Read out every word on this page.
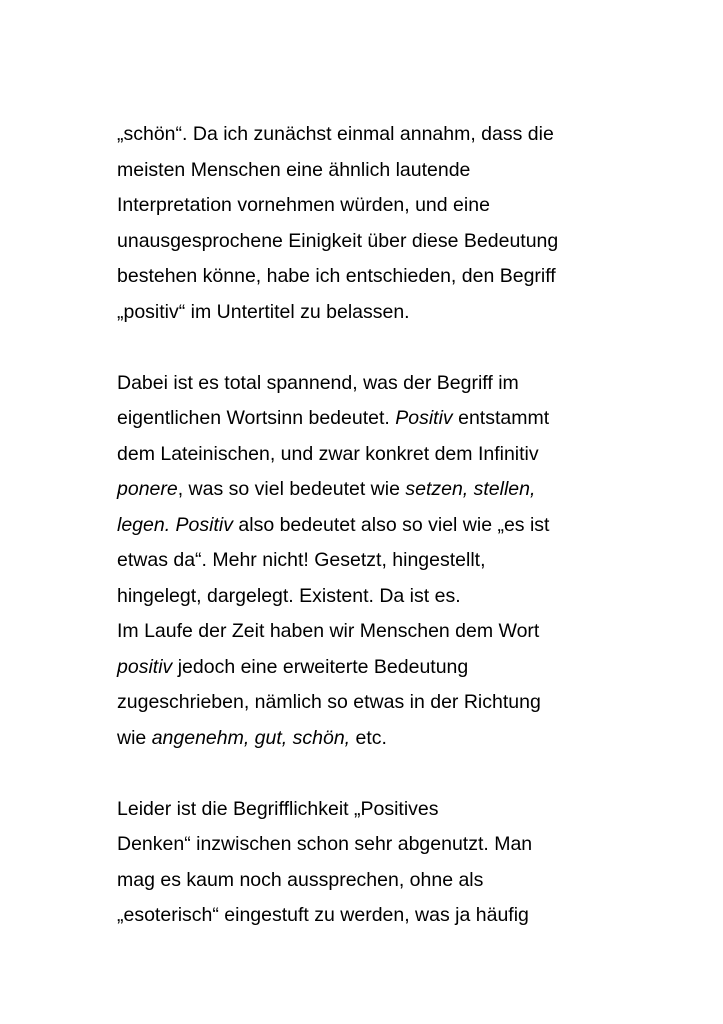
„schön“. Da ich zunächst einmal annahm, dass die
meisten Menschen eine ähnlich lautende
Interpretation vornehmen würden, und eine
unausgesprochene Einigkeit über diese Bedeutung
bestehen könne, habe ich entschieden, den Begriff
„positiv“ im Untertitel zu belassen.
Dabei ist es total spannend, was der Begriff im
eigentlichen Wortsinn bedeutet. Positiv entstammt
dem Lateinischen, und zwar konkret dem Infinitiv
ponere, was so viel bedeutet wie setzen, stellen,
legen. Positiv also bedeutet also so viel wie „es ist
etwas da“. Mehr nicht! Gesetzt, hingestellt,
hingelegt, dargelegt. Existent. Da ist es.
Im Laufe der Zeit haben wir Menschen dem Wort
positiv jedoch eine erweiterte Bedeutung
zugeschrieben, nämlich so etwas in der Richtung
wie angenehm, gut, schön, etc.
Leider ist die Begrifflichkeit „Positives
Denken“ inzwischen schon sehr abgenutzt. Man
mag es kaum noch aussprechen, ohne als
„esoterisch“ eingestuft zu werden, was ja häufig
